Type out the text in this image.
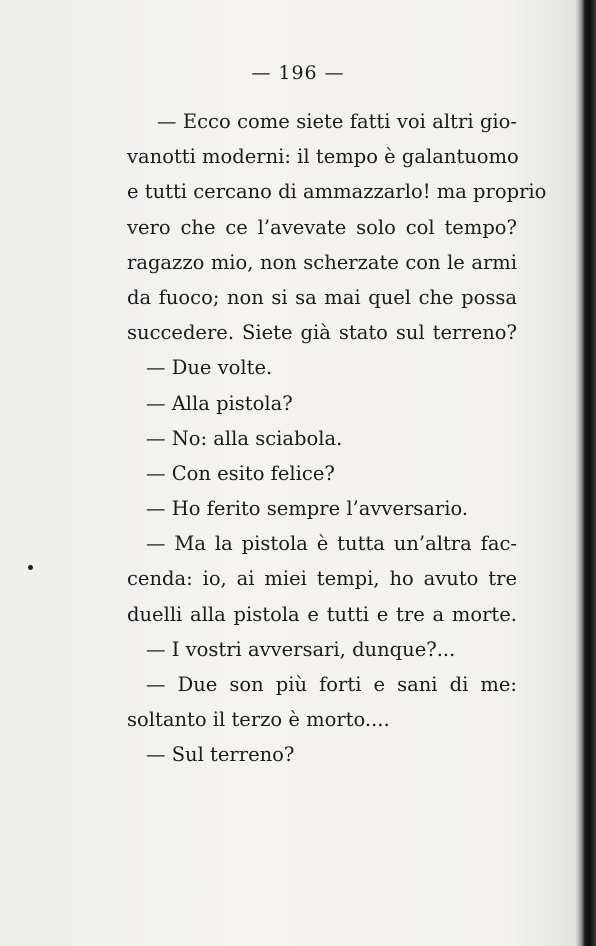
— 196 —
— Ecco come siete fatti voi altri gio-
vanotti moderni: il tempo è galantuomo
e tutti cercano di ammazzarlo! ma proprio
vero che ce l’avevate solo col tempo?
ragazzo mio, non scherzate con le armi
da fuoco; non si sa mai quel che possa
succedere. Siete già stato sul terreno?
— Due volte.
— Alla pistola?
— No: alla sciabola.
— Con esito felice?
— Ho ferito sempre l’avversario.
— Ma la pistola è tutta un’altra fac-
cenda: io, ai miei tempi, ho avuto tre
duelli alla pistola e tutti e tre a morte.
— I vostri avversari, dunque?...
— Due son più forti e sani di me:
soltanto il terzo è morto....
— Sul terreno?
